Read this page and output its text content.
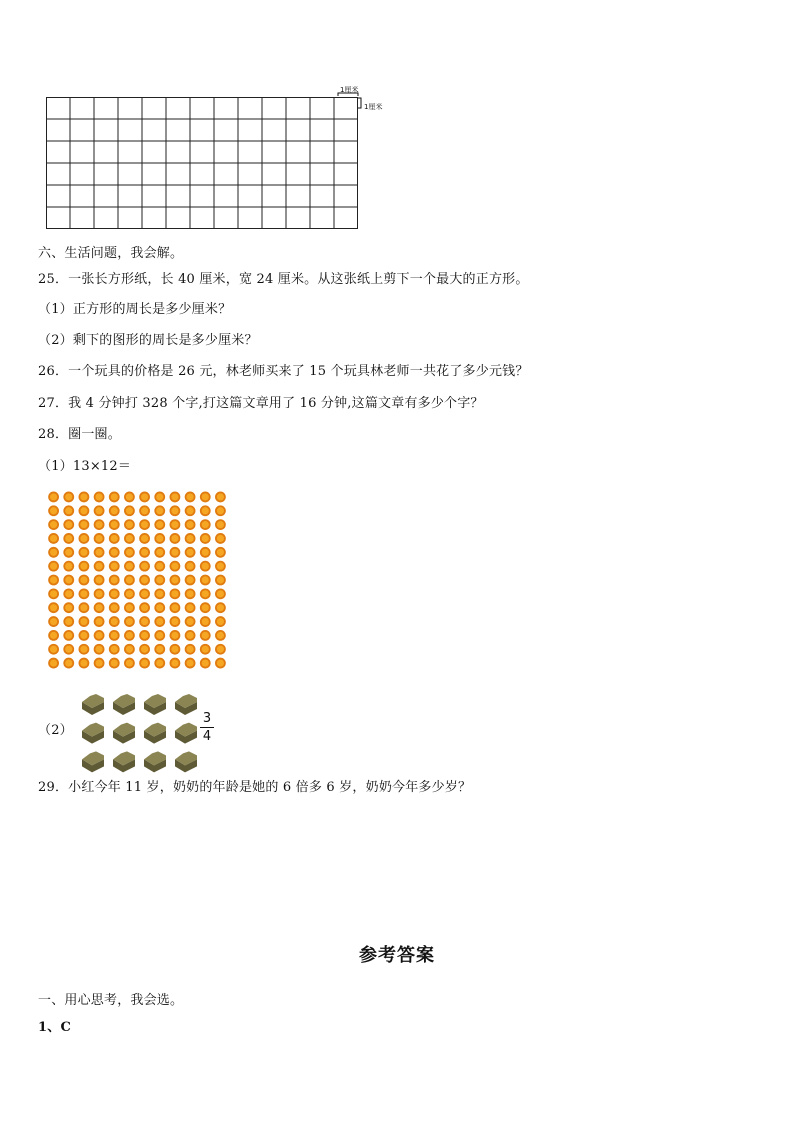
1厘米
1厘米
六、生活问题，我会解。
25．一张长方形纸，长 40 厘米，宽 24 厘米。从这张纸上剪下一个最大的正方形。
（1）正方形的周长是多少厘米？
（2）剩下的图形的周长是多少厘米？
26．一个玩具的价格是 26 元，林老师买来了 15 个玩具林老师一共花了多少元钱？
27．我 4 分钟打 328 个字,打这篇文章用了 16 分钟,这篇文章有多少个字？
28．圈一圈。
（1）13×12＝
（2）
3
4
29．小红今年 11 岁，奶奶的年龄是她的 6 倍多 6 岁，奶奶今年多少岁？
参考答案
一、用心思考，我会选。
1、C
